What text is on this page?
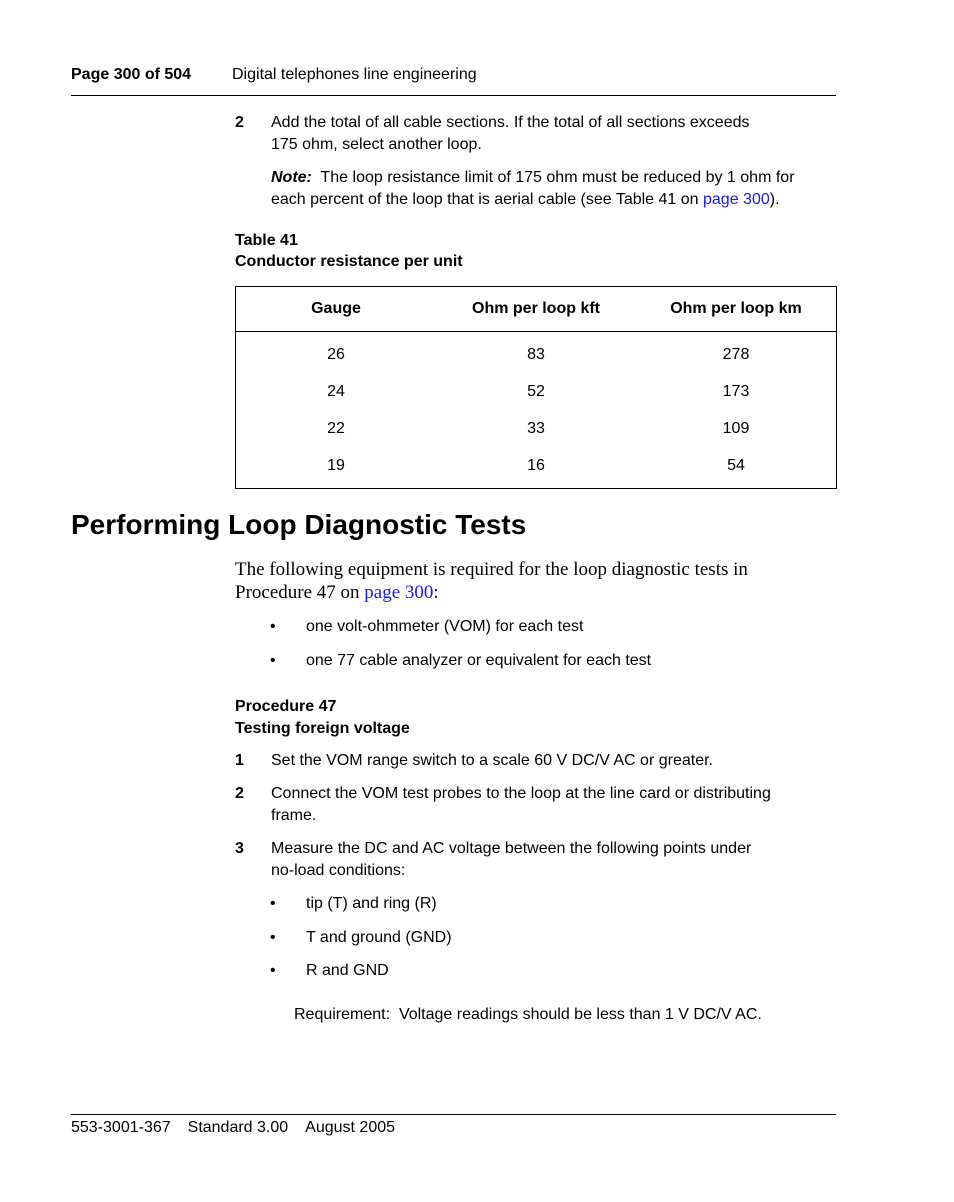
Page 300 of 504	Digital telephones line engineering
2 Add the total of all cable sections. If the total of all sections exceeds
175 ohm, select another loop.
Note: The loop resistance limit of 175 ohm must be reduced by 1 ohm for
each percent of the loop that is aerial cable (see Table 41 on page 300).
Table 41
Conductor resistance per unit
Gauge	Ohm per loop kft	Ohm per loop km
26	83	278
24	52	173
22	33	109
19	16	54
Performing Loop Diagnostic Tests
The following equipment is required for the loop diagnostic tests in
Procedure 47 on page 300:
• one volt-ohmmeter (VOM) for each test
• one 77 cable analyzer or equivalent for each test
Procedure 47
Testing foreign voltage
1 Set the VOM range switch to a scale 60 V DC/V AC or greater.
2 Connect the VOM test probes to the loop at the line card or distributing
frame.
3 Measure the DC and AC voltage between the following points under
no-load conditions:
• tip (T) and ring (R)
• T and ground (GND)
• R and GND
Requirement:  Voltage readings should be less than 1 V DC/V AC.
553-3001-367 Standard 3.00 August 2005
